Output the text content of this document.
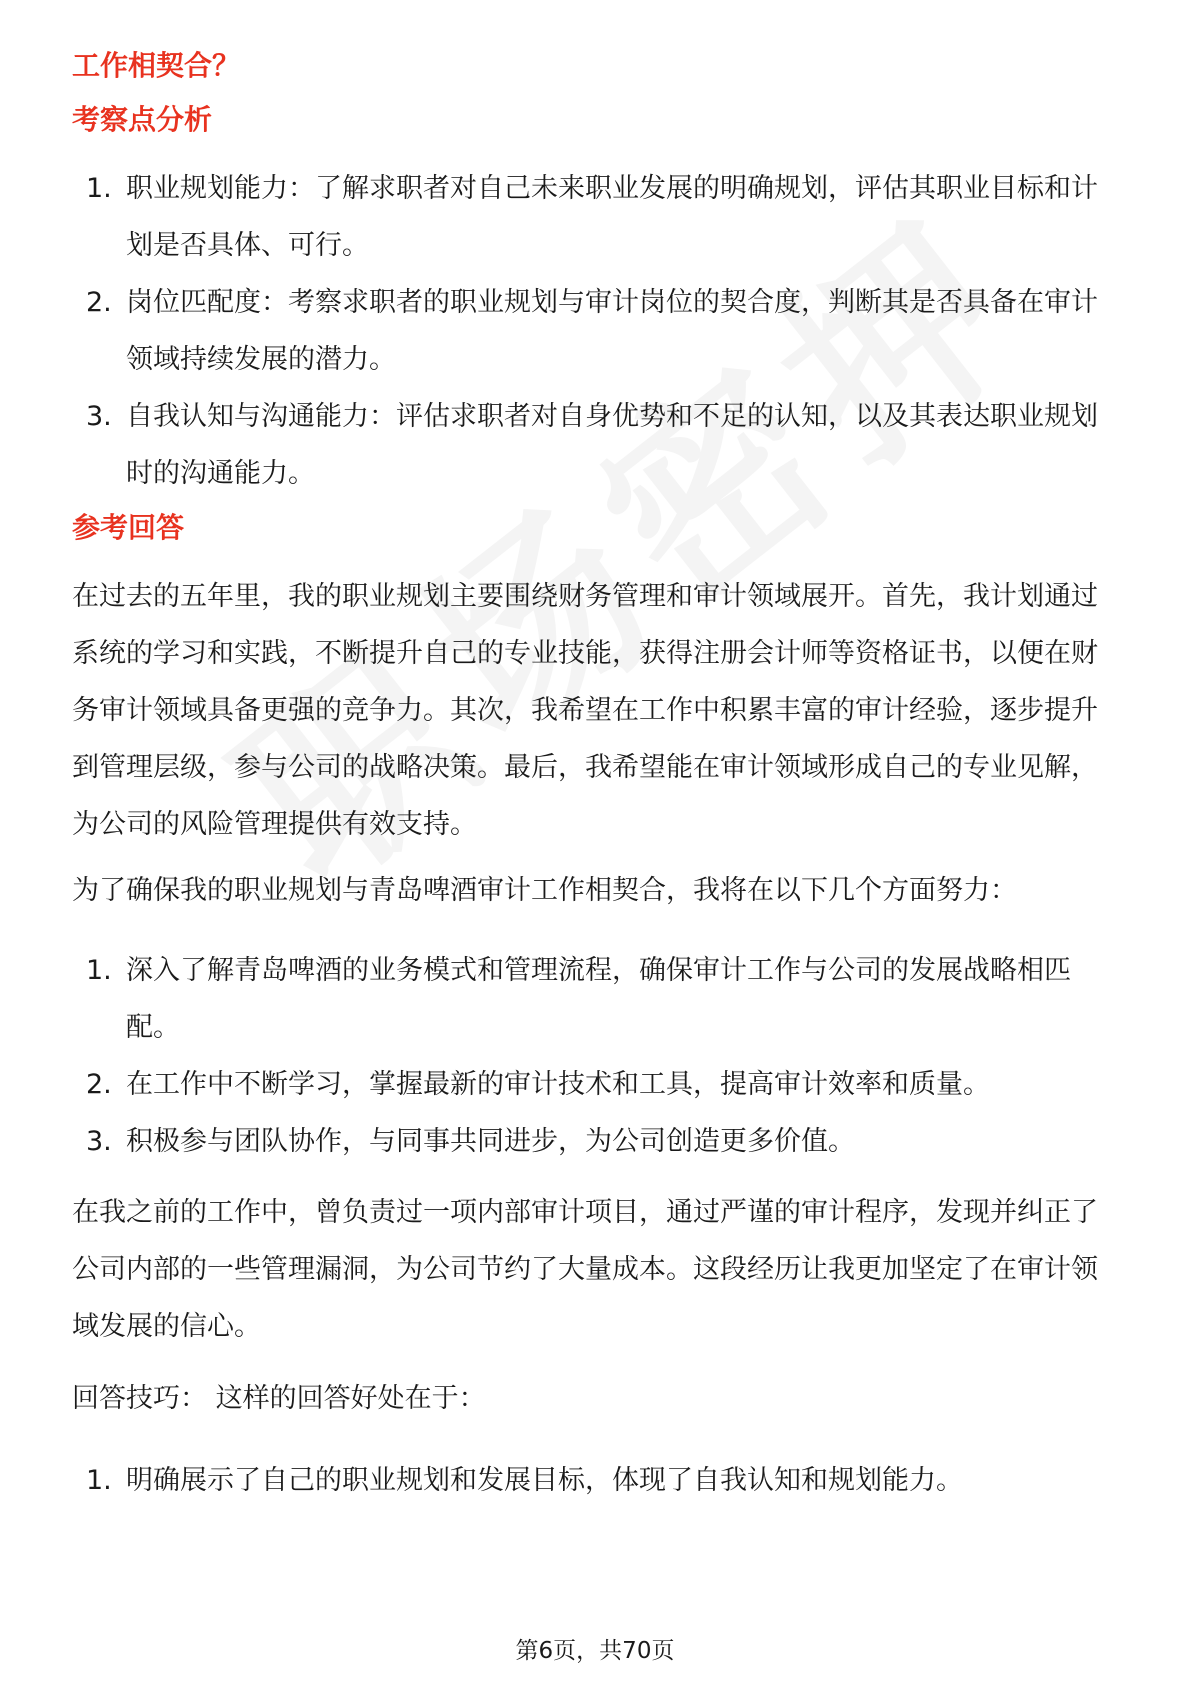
工作相契合？
考察点分析
1. 职业规划能力：了解求职者对自己未来职业发展的明确规划，评估其职业目标和计划是否具体、可行。
2. 岗位匹配度：考察求职者的职业规划与审计岗位的契合度，判断其是否具备在审计领域持续发展的潜力。
3. 自我认知与沟通能力：评估求职者对自身优势和不足的认知，以及其表达职业规划时的沟通能力。
参考回答

在过去的五年里，我的职业规划主要围绕财务管理和审计领域展开。首先，我计划通过系统的学习和实践，不断提升自己的专业技能，获得注册会计师等资格证书，以便在财务审计领域具备更强的竞争力。其次，我希望在工作中积累丰富的审计经验，逐步提升到管理层级，参与公司的战略决策。最后，我希望能在审计领域形成自己的专业见解，为公司的风险管理提供有效支持。

为了确保我的职业规划与青岛啤酒审计工作相契合，我将在以下几个方面努力：

1. 深入了解青岛啤酒的业务模式和管理流程，确保审计工作与公司的发展战略相匹配。
2. 在工作中不断学习，掌握最新的审计技术和工具，提高审计效率和质量。
3. 积极参与团队协作，与同事共同进步，为公司创造更多价值。

在我之前的工作中，曾负责过一项内部审计项目，通过严谨的审计程序，发现并纠正了公司内部的一些管理漏洞，为公司节约了大量成本。这段经历让我更加坚定了在审计领域发展的信心。

回答技巧： 这样的回答好处在于：

1. 明确展示了自己的职业规划和发展目标，体现了自我认知和规划能力。
第6页，共70页
